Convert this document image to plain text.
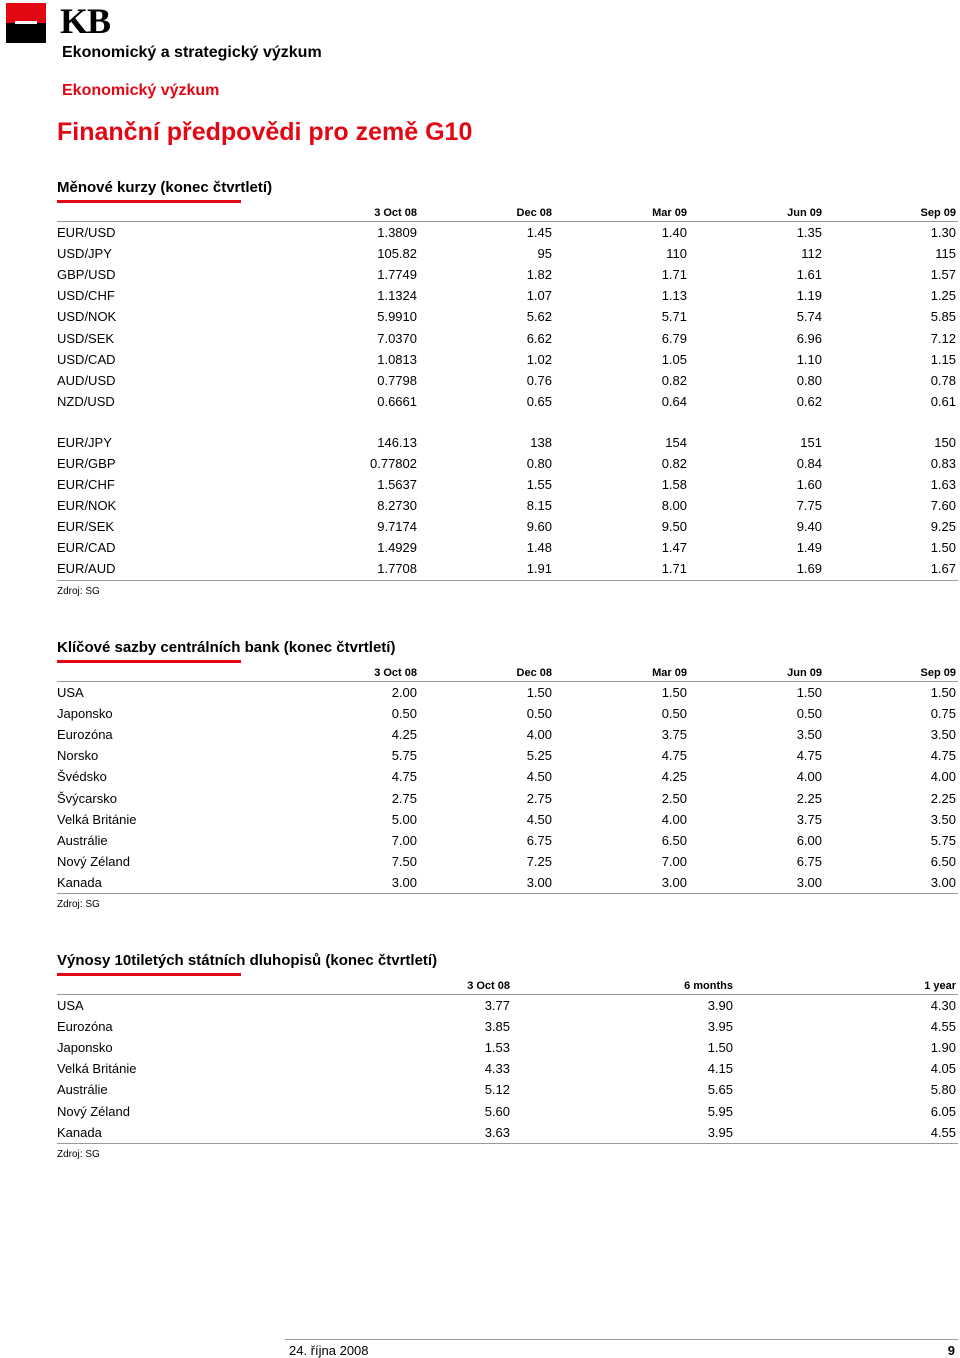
KB
Ekonomický a strategický výzkum
Ekonomický výzkum
Finanční předpovědi pro země G10
Měnové kurzy (konec čtvrtletí)
	3 Oct 08	Dec 08	Mar 09	Jun 09	Sep 09
EUR/USD	1.3809	1.45	1.40	1.35	1.30
USD/JPY	105.82	95	110	112	115
GBP/USD	1.7749	1.82	1.71	1.61	1.57
USD/CHF	1.1324	1.07	1.13	1.19	1.25
USD/NOK	5.9910	5.62	5.71	5.74	5.85
USD/SEK	7.0370	6.62	6.79	6.96	7.12
USD/CAD	1.0813	1.02	1.05	1.10	1.15
AUD/USD	0.7798	0.76	0.82	0.80	0.78
NZD/USD	0.6661	0.65	0.64	0.62	0.61

EUR/JPY	146.13	138	154	151	150
EUR/GBP	0.77802	0.80	0.82	0.84	0.83
EUR/CHF	1.5637	1.55	1.58	1.60	1.63
EUR/NOK	8.2730	8.15	8.00	7.75	7.60
EUR/SEK	9.7174	9.60	9.50	9.40	9.25
EUR/CAD	1.4929	1.48	1.47	1.49	1.50
EUR/AUD	1.7708	1.91	1.71	1.69	1.67
Zdroj: SG
Klíčové sazby centrálních bank (konec čtvrtletí)
	3 Oct 08	Dec 08	Mar 09	Jun 09	Sep 09
USA	2.00	1.50	1.50	1.50	1.50
Japonsko	0.50	0.50	0.50	0.50	0.75
Eurozóna	4.25	4.00	3.75	3.50	3.50
Norsko	5.75	5.25	4.75	4.75	4.75
Švédsko	4.75	4.50	4.25	4.00	4.00
Švýcarsko	2.75	2.75	2.50	2.25	2.25
Velká Británie	5.00	4.50	4.00	3.75	3.50
Austrálie	7.00	6.75	6.50	6.00	5.75
Nový Zéland	7.50	7.25	7.00	6.75	6.50
Kanada	3.00	3.00	3.00	3.00	3.00
Zdroj: SG
Výnosy 10tiletých státních dluhopisů (konec čtvrtletí)
	3 Oct 08	6 months	1 year
USA	3.77	3.90	4.30
Eurozóna	3.85	3.95	4.55
Japonsko	1.53	1.50	1.90
Velká Británie	4.33	4.15	4.05
Austrálie	5.12	5.65	5.80
Nový Zéland	5.60	5.95	6.05
Kanada	3.63	3.95	4.55
Zdroj: SG
24. října 2008	9
